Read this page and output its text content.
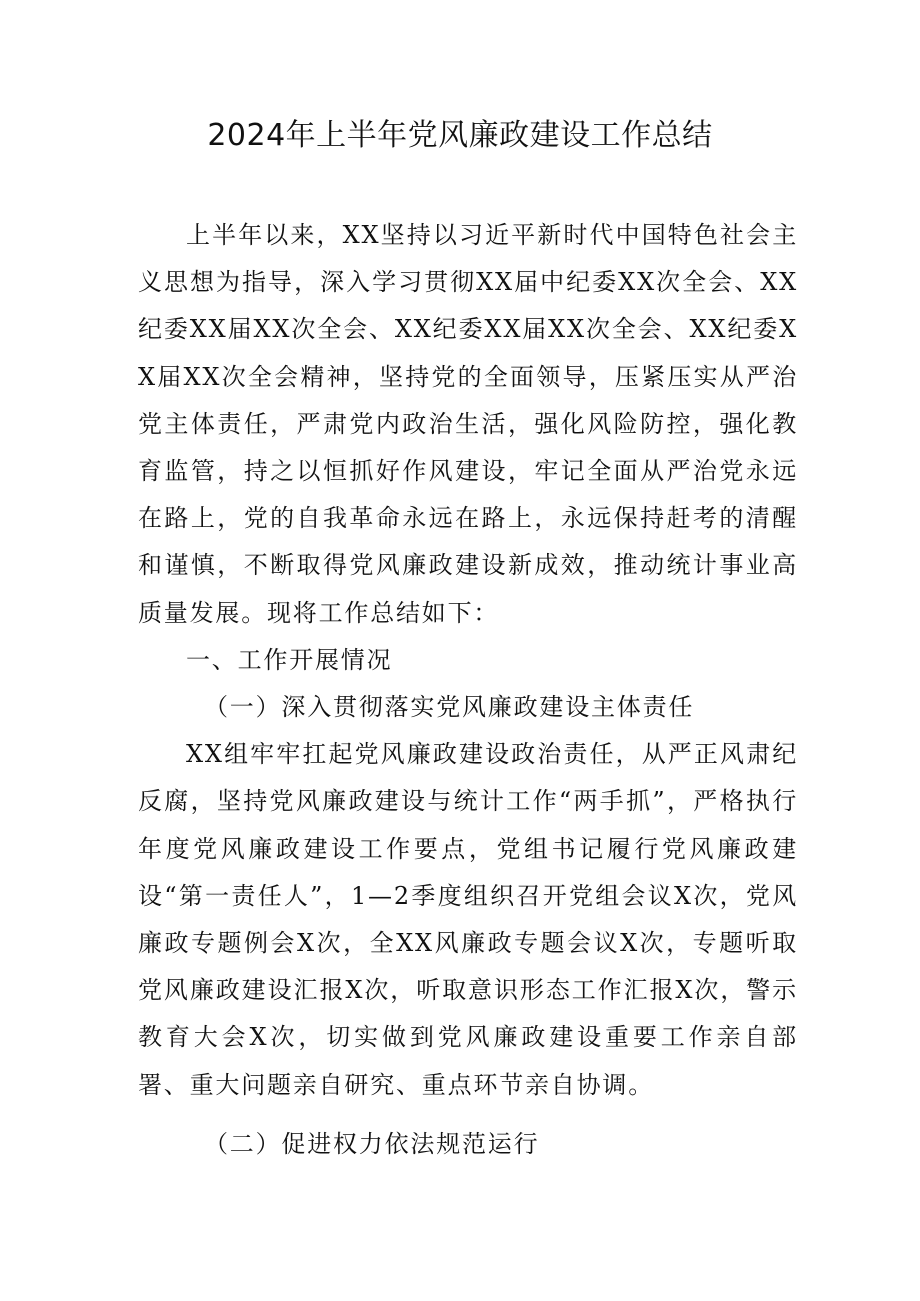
2024年上半年党风廉政建设工作总结

上半年以来，XX坚持以习近平新时代中国特色社会主义思想为指导，深入学习贯彻XX届中纪委XX次全会、XX纪委XX届XX次全会、XX纪委XX届XX次全会、XX纪委XX届XX次全会精神，坚持党的全面领导，压紧压实从严治党主体责任，严肃党内政治生活，强化风险防控，强化教育监管，持之以恒抓好作风建设，牢记全面从严治党永远在路上，党的自我革命永远在路上，永远保持赶考的清醒和谨慎，不断取得党风廉政建设新成效，推动统计事业高质量发展。现将工作总结如下：

一、工作开展情况

（一）深入贯彻落实党风廉政建设主体责任

XX组牢牢扛起党风廉政建设政治责任，从严正风肃纪反腐，坚持党风廉政建设与统计工作“两手抓”，严格执行年度党风廉政建设工作要点，党组书记履行党风廉政建设“第一责任人”，1—2季度组织召开党组会议X次，党风廉政专题例会X次，全XX风廉政专题会议X次，专题听取党风廉政建设汇报X次，听取意识形态工作汇报X次，警示教育大会X次，切实做到党风廉政建设重要工作亲自部署、重大问题亲自研究、重点环节亲自协调。

（二）促进权力依法规范运行
